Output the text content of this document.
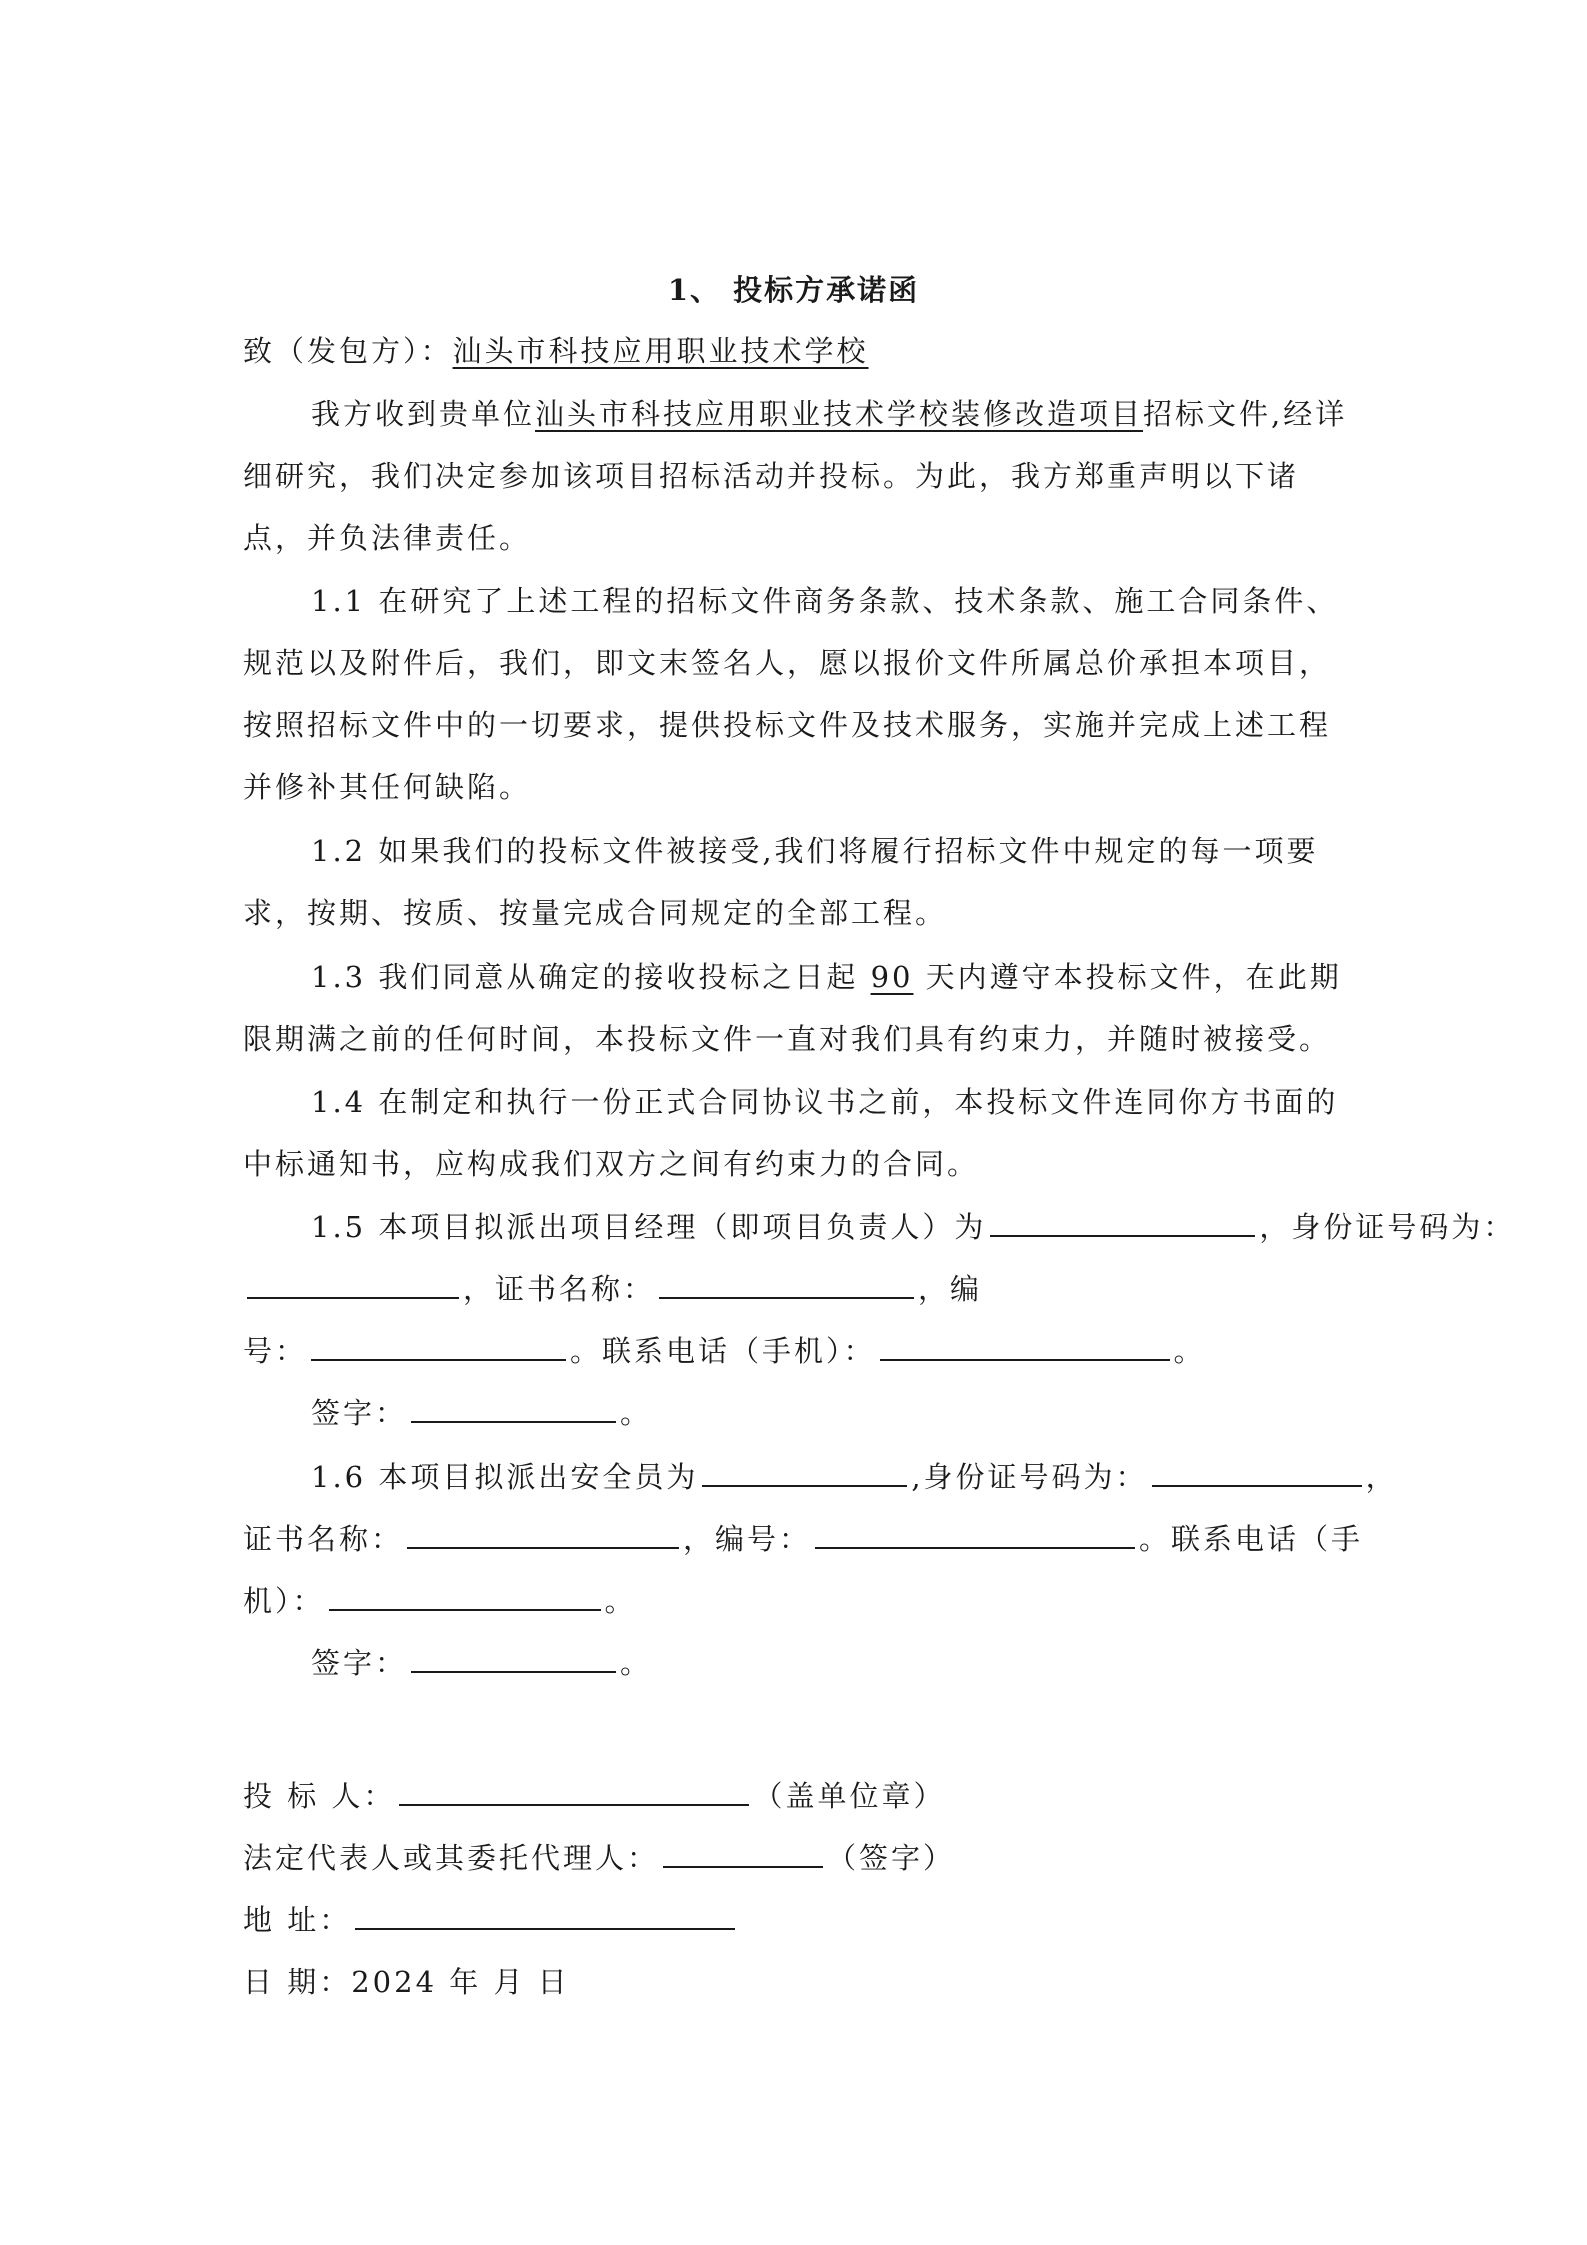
1、 投标方承诺函
致（发包方）：汕头市科技应用职业技术学校
我方收到贵单位汕头市科技应用职业技术学校装修改造项目招标文件,经详细研究，我们决定参加该项目招标活动并投标。为此，我方郑重声明以下诸点，并负法律责任。
1.1 在研究了上述工程的招标文件商务条款、技术条款、施工合同条件、规范以及附件后，我们，即文末签名人，愿以报价文件所属总价承担本项目，按照招标文件中的一切要求，提供投标文件及技术服务，实施并完成上述工程并修补其任何缺陷。
1.2 如果我们的投标文件被接受,我们将履行招标文件中规定的每一项要求，按期、按质、按量完成合同规定的全部工程。
1.3 我们同意从确定的接收投标之日起 90 天内遵守本投标文件，在此期限期满之前的任何时间，本投标文件一直对我们具有约束力，并随时被接受。
1.4 在制定和执行一份正式合同协议书之前，本投标文件连同你方书面的中标通知书，应构成我们双方之间有约束力的合同。
1.5 本项目拟派出项目经理（即项目负责人）为	，身份证号码为：
，证书名称：	，编
号：	。联系电话（手机）：	。
签字：	。
1.6 本项目拟派出安全员为	,身份证号码为：	，
证书名称：	，编号：	。联系电话（手
机）：	。
签字：	。
投 标 人：	（盖单位章）
法定代表人或其委托代理人：	（签字）
地 址：
日 期：2024 年 月 日
